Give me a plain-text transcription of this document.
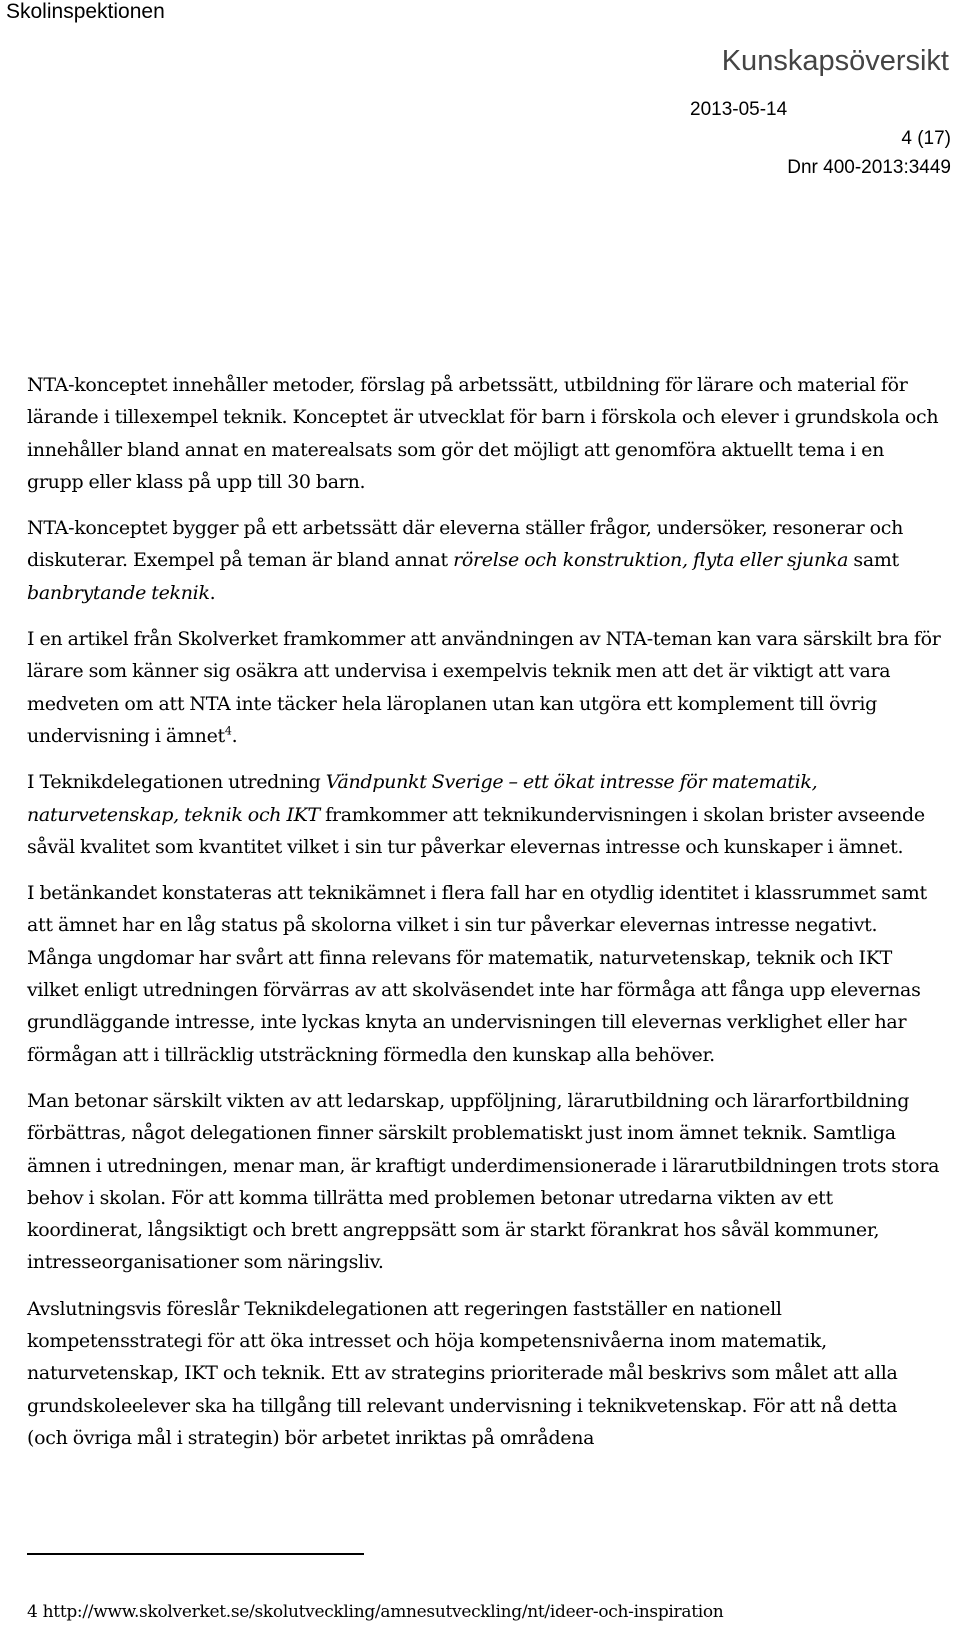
Skolinspektionen
Kunskapsöversikt
2013-05-14
4 (17)
Dnr 400-2013:3449

NTA-konceptet innehåller metoder, förslag på arbetssätt, utbildning för lärare och material för lärande i tillexempel teknik. Konceptet är utvecklat för barn i förskola och elever i grundskola och innehåller bland annat en materealsats som gör det möjligt att genomföra aktuellt tema i en grupp eller klass på upp till 30 barn.

NTA-konceptet bygger på ett arbetssätt där eleverna ställer frågor, undersöker, resonerar och diskuterar. Exempel på teman är bland annat rörelse och konstruktion, flyta eller sjunka samt banbrytande teknik.

I en artikel från Skolverket framkommer att användningen av NTA-teman kan vara särskilt bra för lärare som känner sig osäkra att undervisa i exempelvis teknik men att det är viktigt att vara medveten om att NTA inte täcker hela läroplanen utan kan utgöra ett komplement till övrig undervisning i ämnet$^4$.

I Teknikdelegationen utredning Vändpunkt Sverige – ett ökat intresse för matematik, naturvetenskap, teknik och IKT framkommer att teknikundervisningen i skolan brister avseende såväl kvalitet som kvantitet vilket i sin tur påverkar elevernas intresse och kunskaper i ämnet.

I betänkandet konstateras att teknikämnet i flera fall har en otydlig identitet i klassrummet samt att ämnet har en låg status på skolorna vilket i sin tur påverkar elevernas intresse negativt. Många ungdomar har svårt att finna relevans för matematik, naturvetenskap, teknik och IKT vilket enligt utredningen förvärras av att skolväsendet inte har förmåga att fånga upp elevernas grundläggande intresse, inte lyckas knyta an undervisningen till elevernas verklighet eller har förmågan att i tillräcklig utsträckning förmedla den kunskap alla behöver.

Man betonar särskilt vikten av att ledarskap, uppföljning, lärarutbildning och lärarfortbildning förbättras, något delegationen finner särskilt problematiskt just inom ämnet teknik. Samtliga ämnen i utredningen, menar man, är kraftigt underdimensionerade i lärarutbildningen trots stora behov i skolan. För att komma tillrätta med problemen betonar utredarna vikten av ett koordinerat, långsiktigt och brett angreppsätt som är starkt förankrat hos såväl kommuner, intresseorganisationer som näringsliv.

Avslutningsvis föreslår Teknikdelegationen att regeringen fastställer en nationell kompetensstrategi för att öka intresset och höja kompetensnivåerna inom matematik, naturvetenskap, IKT och teknik. Ett av strategins prioriterade mål beskrivs som målet att alla grundskoleelever ska ha tillgång till relevant undervisning i teknikvetenskap. För att nå detta (och övriga mål i strategin) bör arbetet inriktas på områdena

4 http://www.skolverket.se/skolutveckling/amnesutveckling/nt/ideer-och-inspiration
